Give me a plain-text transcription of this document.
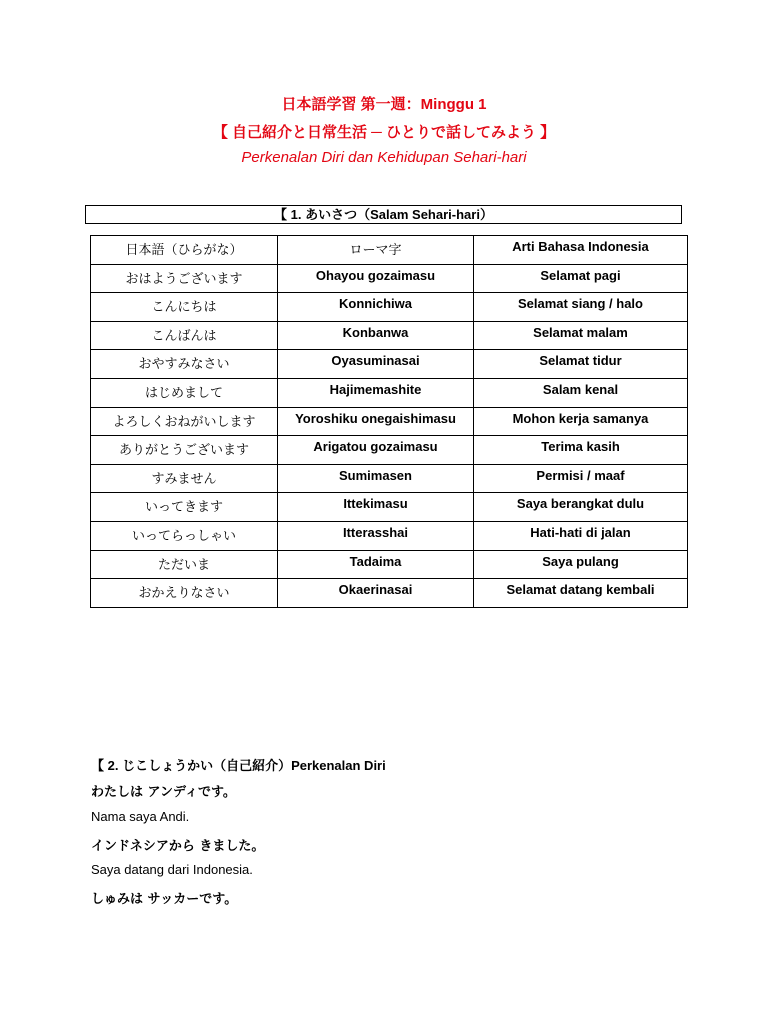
日本語学習 第一週：Minggu 1
【 自己紹介と日常生活 ─ ひとりで話してみよう 】
Perkenalan Diri dan Kehidupan Sehari-hari
【 1. あいさつ（Salam Sehari-hari）
日本語（ひらがな）	ローマ字	Arti Bahasa Indonesia
おはようございます	Ohayou gozaimasu	Selamat pagi
こんにちは	Konnichiwa	Selamat siang / halo
こんばんは	Konbanwa	Selamat malam
おやすみなさい	Oyasuminasai	Selamat tidur
はじめまして	Hajimemashite	Salam kenal
よろしくおねがいします	Yoroshiku onegaishimasu	Mohon kerja samanya
ありがとうございます	Arigatou gozaimasu	Terima kasih
すみません	Sumimasen	Permisi / maaf
いってきます	Ittekimasu	Saya berangkat dulu
いってらっしゃい	Itterasshai	Hati-hati di jalan
ただいま	Tadaima	Saya pulang
おかえりなさい	Okaerinasai	Selamat datang kembali
【 2. じこしょうかい（自己紹介）Perkenalan Diri
わたしは アンディです。
Nama saya Andi.
インドネシアから きました。
Saya datang dari Indonesia.
しゅみは サッカーです。
